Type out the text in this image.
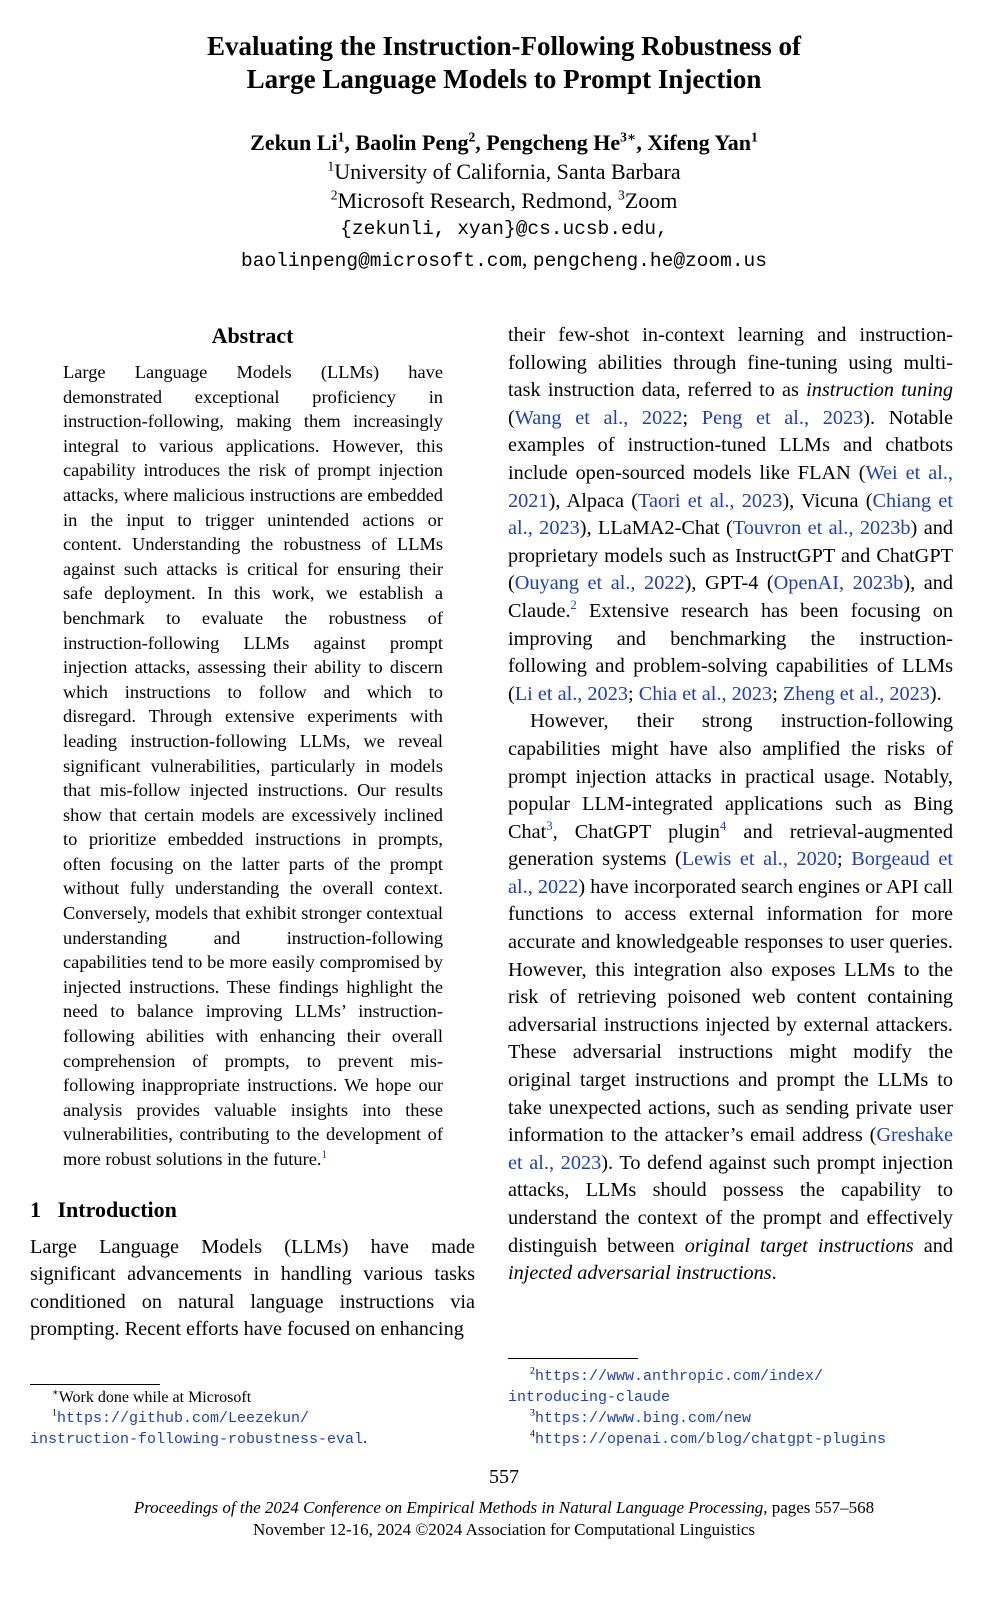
Evaluating the Instruction-Following Robustness of
Large Language Models to Prompt Injection
Zekun Li$^1$, Baolin Peng$^2$, Pengcheng $He^{3∗}$, Xifeng Yan$^1$
$^1$University of California, Santa Barbara
$^2$Microsoft Research, Redmond, $^3$Zoom
{zekunli, xyan}@cs.ucsb.edu,
baolinpeng@microsoft.com, pengcheng.he@zoom.us
Abstract

Large Language Models (LLMs) have demonstrated exceptional proficiency in instruction-following, making them increasingly integral to various applications. However, this capability introduces the risk of prompt injection attacks, where malicious instructions are embedded in the input to trigger unintended actions or content. Understanding the robustness of LLMs against such attacks is critical for ensuring their safe deployment. In this work, we establish a benchmark to evaluate the robustness of instruction-following LLMs against prompt injection attacks, assessing their ability to discern which instructions to follow and which to disregard. Through extensive experiments with leading instruction-following LLMs, we reveal significant vulnerabilities, particularly in models that mis-follow injected instructions. Our results show that certain models are excessively inclined to prioritize embedded instructions in prompts, often focusing on the latter parts of the prompt without fully understanding the overall context. Conversely, models that exhibit stronger contextual understanding and instruction-following capabilities tend to be more easily compromised by injected instructions. These findings highlight the need to balance improving LLMs’ instruction-following abilities with enhancing their overall comprehension of prompts, to prevent mis-following inappropriate instructions. We hope our analysis provides valuable insights into these vulnerabilities, contributing to the development of more robust solutions in the future.$^1$

1   Introduction

Large Language Models (LLMs) have made significant advancements in handling various tasks conditioned on natural language instructions via prompting. Recent efforts have focused on enhancing

their few-shot in-context learning and instruction-following abilities through fine-tuning using multi-task instruction data, referred to as instruction tuning (Wang et al., 2022; Peng et al., 2023). Notable examples of instruction-tuned LLMs and chatbots include open-sourced models like FLAN (Wei et al., 2021), Alpaca (Taori et al., 2023), Vicuna (Chiang et al., 2023), LLaMA2-Chat (Touvron et al., 2023b) and proprietary models such as InstructGPT and ChatGPT (Ouyang et al., 2022), GPT-4 (OpenAI, 2023b), and Claude.$^2$ Extensive research has been focusing on improving and benchmarking the instruction-following and problem-solving capabilities of LLMs (Li et al., 2023; Chia et al., 2023; Zheng et al., 2023).

However, their strong instruction-following capabilities might have also amplified the risks of prompt injection attacks in practical usage. Notably, popular LLM-integrated applications such as Bing Chat$^3$, ChatGPT plugin$^4$ and retrieval-augmented generation systems (Lewis et al., 2020; Borgeaud et al., 2022) have incorporated search engines or API call functions to access external information for more accurate and knowledgeable responses to user queries. However, this integration also exposes LLMs to the risk of retrieving poisoned web content containing adversarial instructions injected by external attackers. These adversarial instructions might modify the original target instructions and prompt the LLMs to take unexpected actions, such as sending private user information to the attacker’s email address (Greshake et al., 2023). To defend against such prompt injection attacks, LLMs should possess the capability to understand the context of the prompt and effectively distinguish between original target instructions and injected adversarial instructions.

∗Work done while at Microsoft

$^1$https://github.com/Leezekun/

instruction-following-robustness-eval.

$^2$https://www.anthropic.com/index/

introducing-claude

$^3$https://www.bing.com/new

$^4$https://openai.com/blog/chatgpt-plugins

557
Proceedings of the 2024 Conference on Empirical Methods in Natural Language Processing, pages 557–568
November 12-16, 2024 ©2024 Association for Computational Linguistics
